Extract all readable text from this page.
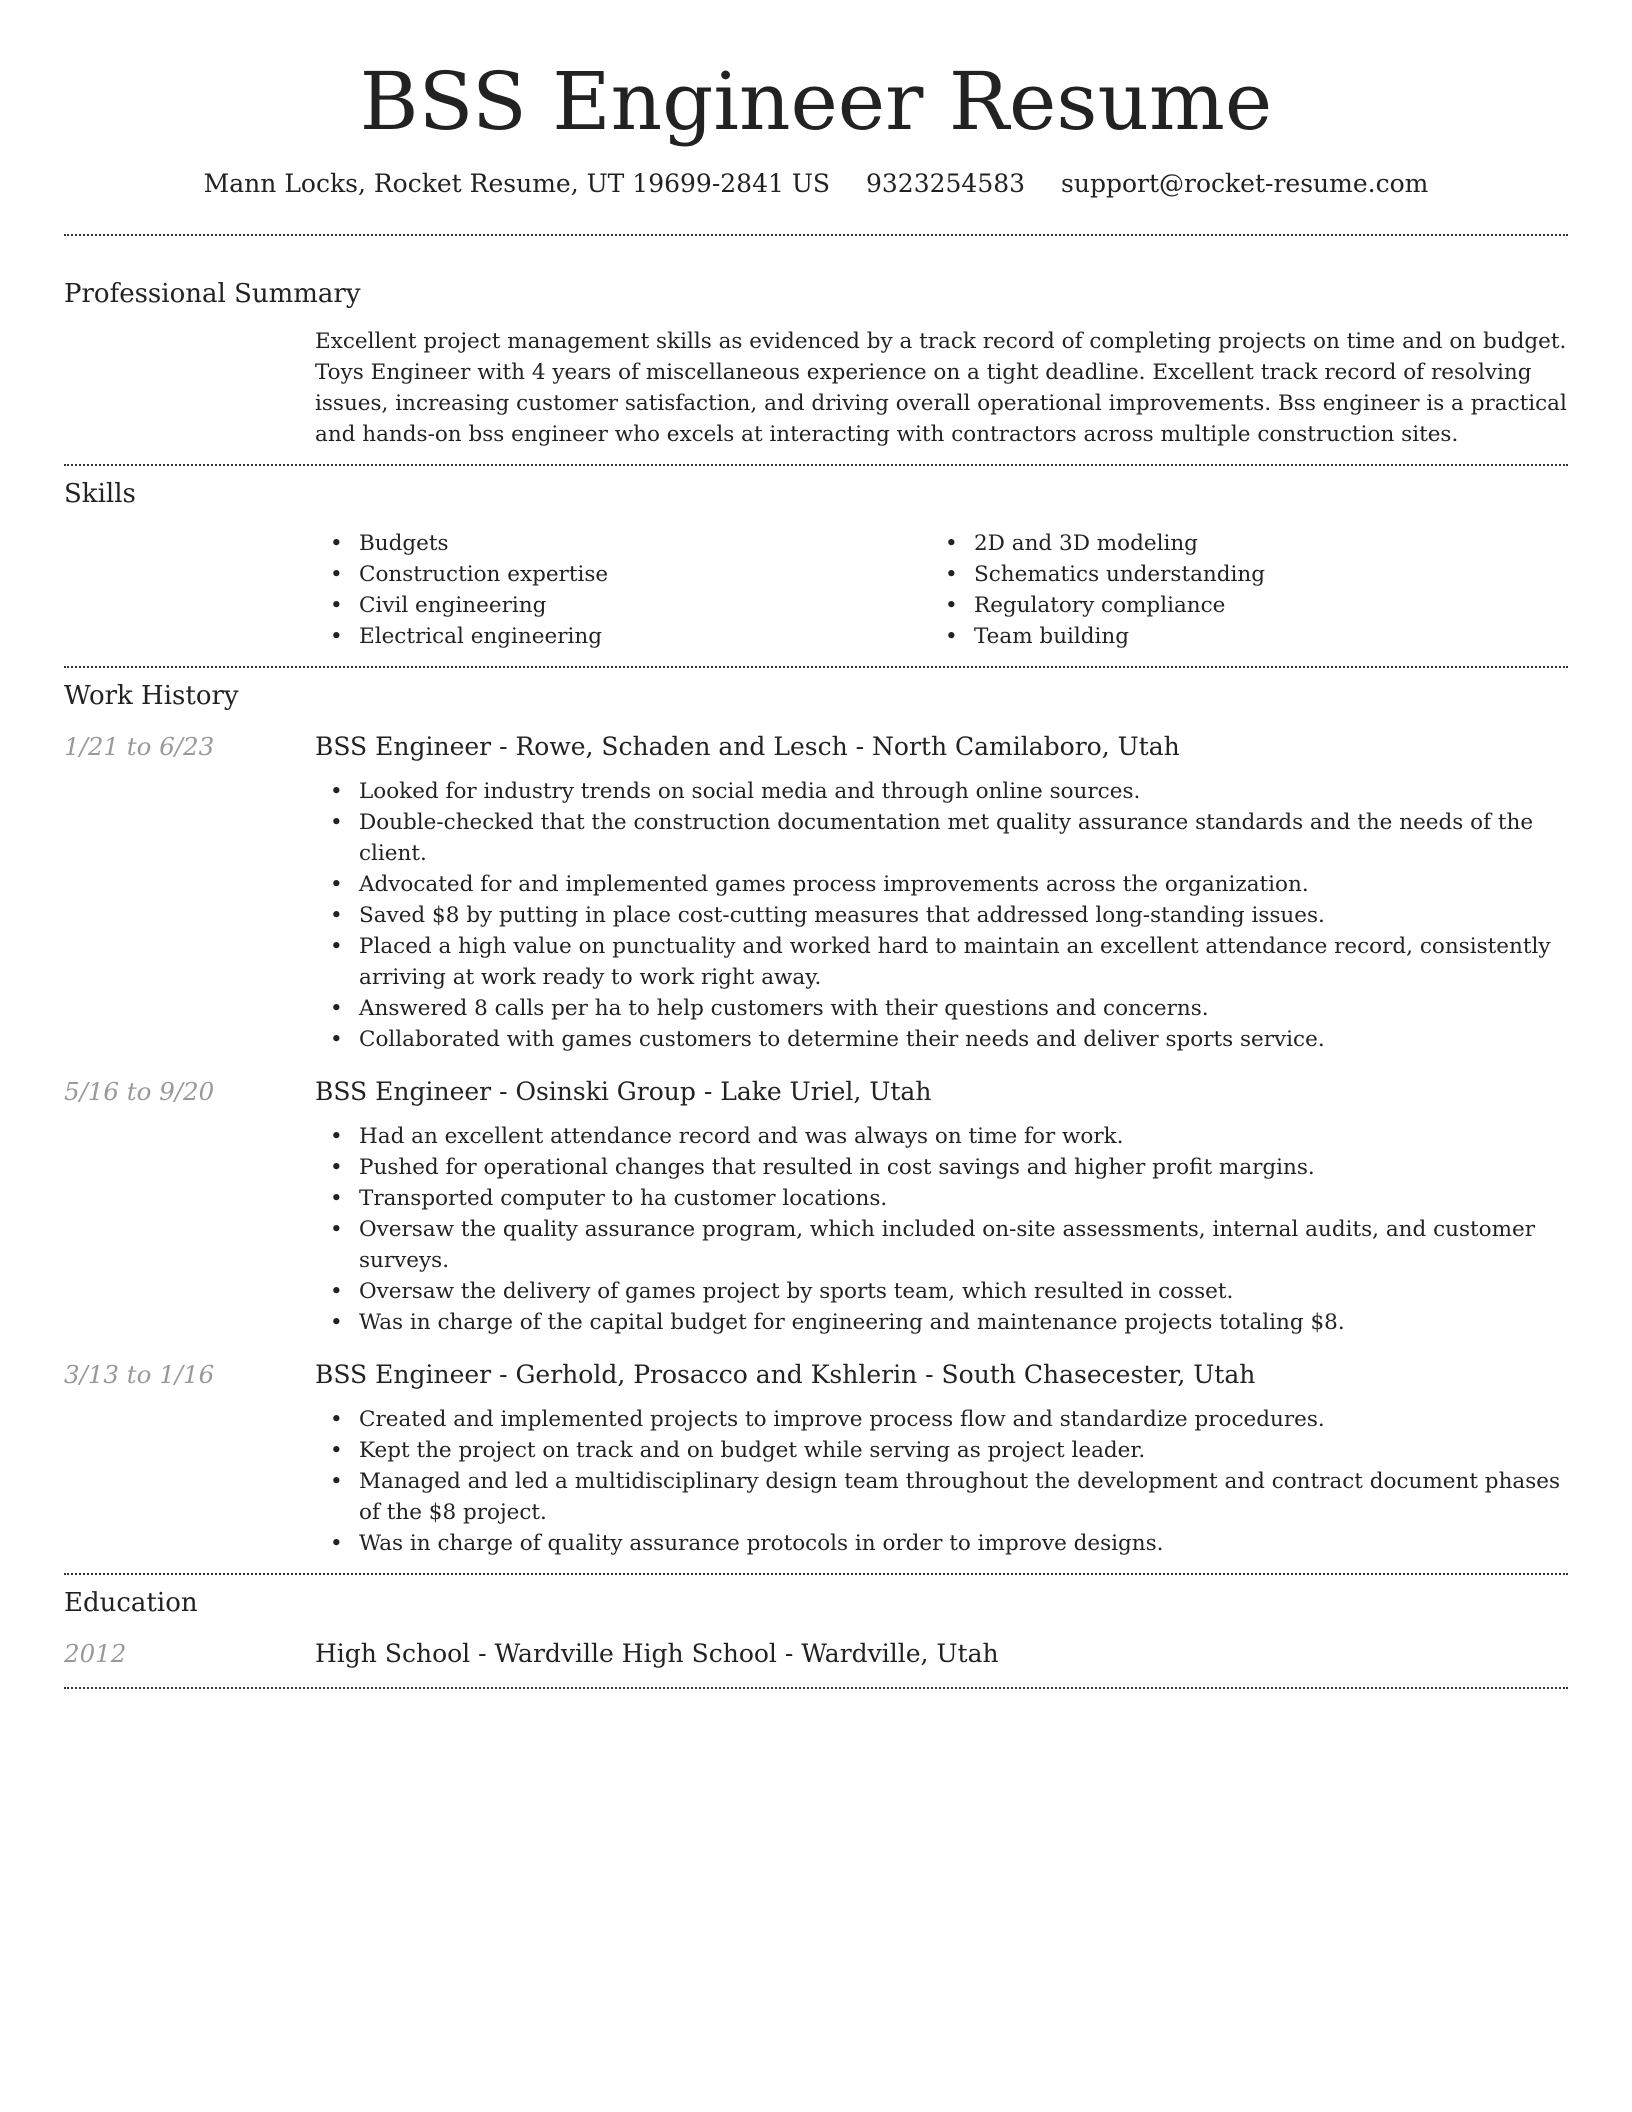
BSS Engineer Resume
Mann Locks, Rocket Resume, UT 19699-2841 US 9323254583 support@rocket-resume.com
Professional Summary

Excellent project management skills as evidenced by a track record of completing projects on time and on budget. Toys Engineer with 4 years of miscellaneous experience on a tight deadline. Excellent track record of resolving issues, increasing customer satisfaction, and driving overall operational improvements. Bss engineer is a practical and hands-on bss engineer who excels at interacting with contractors across multiple construction sites.

Skills
• Budgets
• Construction expertise
• Civil engineering
• Electrical engineering
• 2D and 3D modeling
• Schematics understanding
• Regulatory compliance
• Team building
Work History
1/21 to 6/23	BSS Engineer - Rowe, Schaden and Lesch - North Camilaboro, Utah
• Looked for industry trends on social media and through online sources.
• Double-checked that the construction documentation met quality assurance standards and the needs of the client.
• Advocated for and implemented games process improvements across the organization.
• Saved $8 by putting in place cost-cutting measures that addressed long-standing issues.
• Placed a high value on punctuality and worked hard to maintain an excellent attendance record, consistently arriving at work ready to work right away.
• Answered 8 calls per ha to help customers with their questions and concerns.
• Collaborated with games customers to determine their needs and deliver sports service.
5/16 to 9/20	BSS Engineer - Osinski Group - Lake Uriel, Utah
• Had an excellent attendance record and was always on time for work.
• Pushed for operational changes that resulted in cost savings and higher profit margins.
• Transported computer to ha customer locations.
• Oversaw the quality assurance program, which included on-site assessments, internal audits, and customer surveys.
• Oversaw the delivery of games project by sports team, which resulted in cosset.
• Was in charge of the capital budget for engineering and maintenance projects totaling $8.
3/13 to 1/16	BSS Engineer - Gerhold, Prosacco and Kshlerin - South Chasecester, Utah
• Created and implemented projects to improve process flow and standardize procedures.
• Kept the project on track and on budget while serving as project leader.
• Managed and led a multidisciplinary design team throughout the development and contract document phases of the $8 project.
• Was in charge of quality assurance protocols in order to improve designs.
Education
2012	High School - Wardville High School - Wardville, Utah
